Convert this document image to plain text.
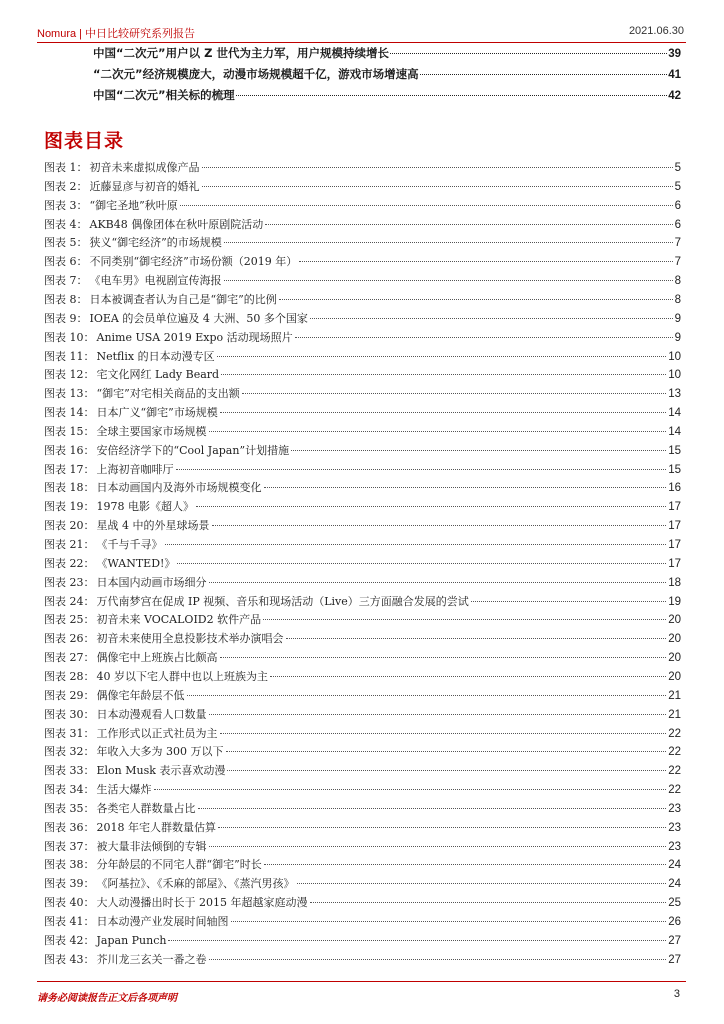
Nomura | 中日比较研究系列报告	2021.06.30
中国“二次元”用户以 Z 世代为主力军，用户规模持续增长	39
“二次元”经济规模庞大，动漫市场规模超千亿，游戏市场增速高	41
中国“二次元”相关标的梳理	42
图表目录
图表 1： 初音未来虚拟成像产品	5
图表 2： 近藤显彦与初音的婚礼	5
图表 3： “御宅圣地”秋叶原	6
图表 4： AKB48 偶像团体在秋叶原剧院活动	6
图表 5： 狭义“御宅经济”的市场规模	7
图表 6： 不同类别“御宅经济”市场份额（2019 年）	7
图表 7： 《电车男》电视剧宣传海报	8
图表 8： 日本被调查者认为自己是“御宅”的比例	8
图表 9： IOEA 的会员单位遍及 4 大洲、50 多个国家	9
图表 10： Anime USA 2019 Expo 活动现场照片	9
图表 11： Netflix 的日本动漫专区	10
图表 12： 宅文化网红 Lady Beard	10
图表 13： “御宅”对宅相关商品的支出额	13
图表 14： 日本广义“御宅”市场规模	14
图表 15： 全球主要国家市场规模	14
图表 16： 安倍经济学下的“Cool Japan”计划措施	15
图表 17： 上海初音咖啡厅	15
图表 18： 日本动画国内及海外市场规模变化	16
图表 19： 1978 电影《超人》	17
图表 20： 星战 4 中的外星球场景	17
图表 21： 《千与千寻》	17
图表 22： 《WANTED!》	17
图表 23： 日本国内动画市场细分	18
图表 24： 万代南梦宫在促成 IP 视频、音乐和现场活动（Live）三方面融合发展的尝试	19
图表 25： 初音未来 VOCALOID2 软件产品	20
图表 26： 初音未来使用全息投影技术举办演唱会	20
图表 27： 偶像宅中上班族占比颇高	20
图表 28： 40 岁以下宅人群中也以上班族为主	20
图表 29： 偶像宅年龄层不低	21
图表 30： 日本动漫观看人口数量	21
图表 31： 工作形式以正式社员为主	22
图表 32： 年收入大多为 300 万以下	22
图表 33： Elon Musk 表示喜欢动漫	22
图表 34： 生活大爆炸	22
图表 35： 各类宅人群数量占比	23
图表 36： 2018 年宅人群数量估算	23
图表 37： 被大量非法倾倒的专辑	23
图表 38： 分年龄层的不同宅人群“御宅”时长	24
图表 39： 《阿基拉》、《禾麻的部屋》、《蒸汽男孩》	24
图表 40： 大人动漫播出时长于 2015 年超越家庭动漫	25
图表 41： 日本动漫产业发展时间轴图	26
图表 42： Japan Punch	27
图表 43： 芥川龙三玄关一番之卷	27
请务必阅读报告正文后各项声明	3
